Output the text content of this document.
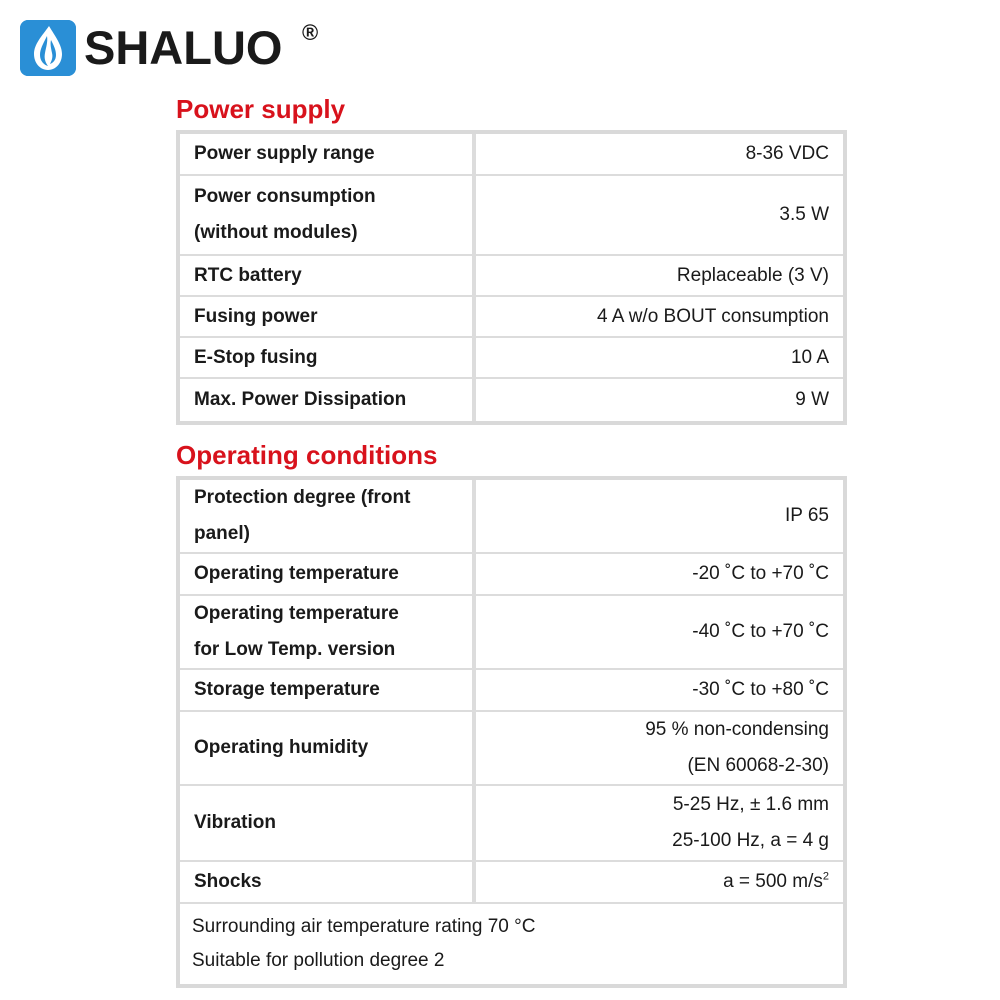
SHALUO ®
Power supply
Power supply range	8-36 VDC

Power consumption
(without modules)	3.5 W

RTC battery	Replaceable (3 V)

Fusing power	4 A w/o BOUT consumption

E-Stop fusing	10 A

Max. Power Dissipation	9 W
Operating conditions
Protection degree (front
panel)	IP 65

Operating temperature	-20 ˚C to +70 ˚C

Operating temperature
for Low Temp. version	-40 ˚C to +70 ˚C

Storage temperature	-30 ˚C to +80 ˚C

Operating humidity	95 % non-condensing
(EN 60068-2-30)

Vibration	5-25 Hz, ± 1.6 mm
25-100 Hz, a = 4 g

Shocks	a = 500 $m/s^2$

Surrounding air temperature rating 70 °C
Suitable for pollution degree 2	
